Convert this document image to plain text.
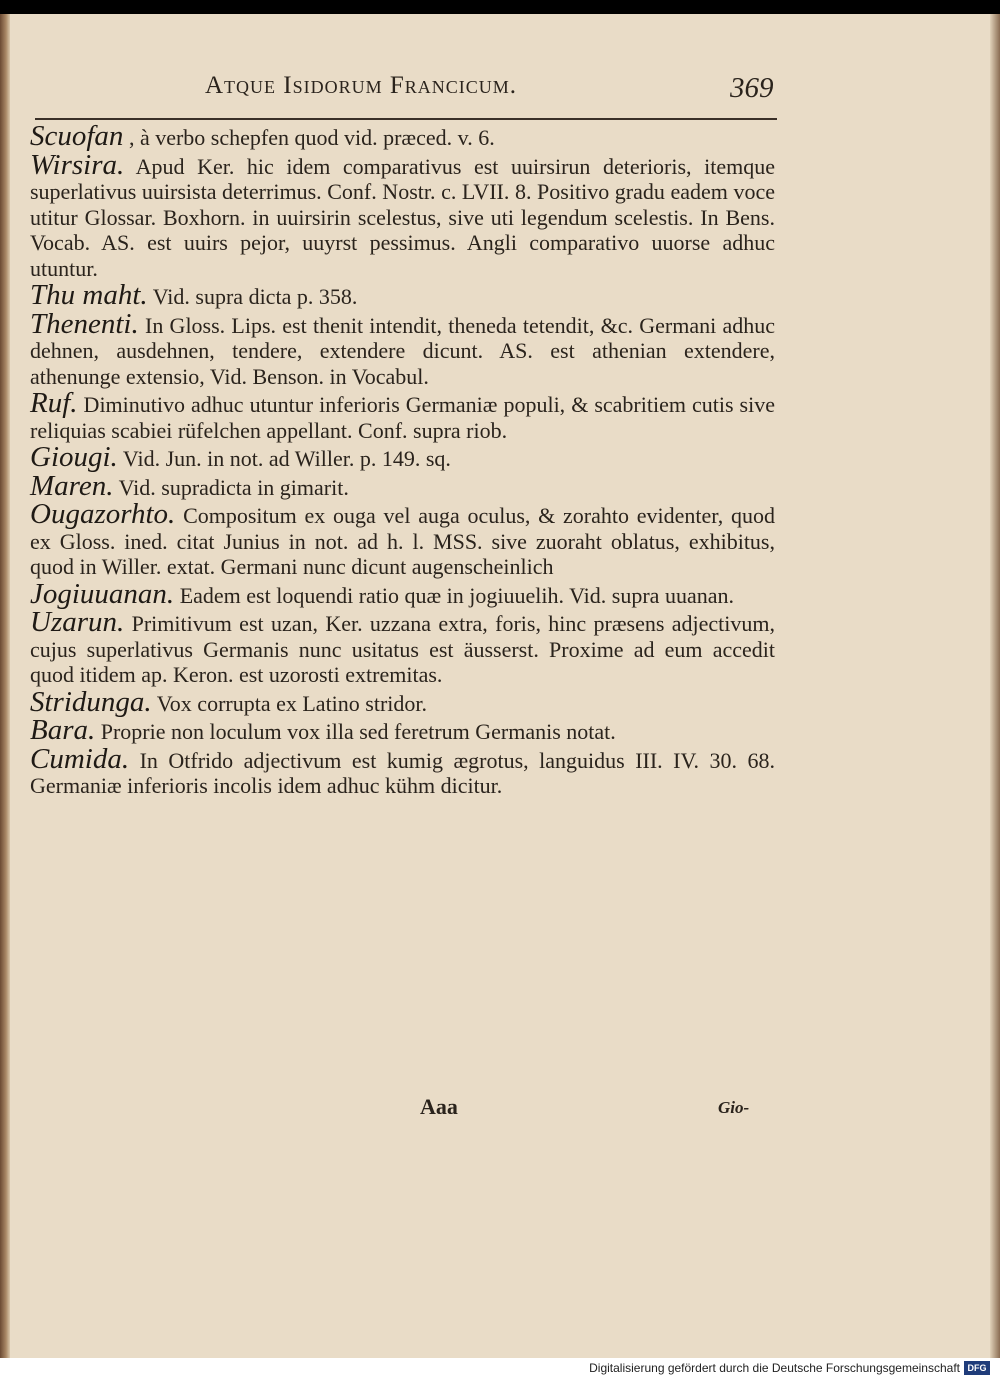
Atque Isidorum Francicum.	369

Scuofan , à verbo schepfen quod vid. præced. v. 6.

Wirsira. Apud Ker. hic idem comparativus est uuirsirun deterioris, itemque superlativus uuirsista deterrimus. Conf. Nostr. c. LVII. 8. Positivo gradu eadem voce utitur Glossar. Boxhorn. in uuirsirin scelestus, sive uti legendum scelestis. In Bens. Vocab. AS. est uuirs pejor, uuyrst pessimus. Angli comparativo uuorse adhuc utuntur.

Thu maht. Vid. supra dicta p. 358.

Thenenti. In Gloss. Lips. est thenit intendit, theneda tetendit, &c. Germani adhuc dehnen, ausdehnen, tendere, extendere dicunt. AS. est athenian extendere, athenunge extensio, Vid. Benson. in Vocabul.

Ruf. Diminutivo adhuc utuntur inferioris Germaniæ populi, & scabritiem cutis sive reliquias scabiei rüfelchen appellant. Conf. supra riob.

Giougi. Vid. Jun. in not. ad Willer. p. 149. sq.

Maren. Vid. supradicta in gimarit.

Ougazorhto. Compositum ex ouga vel auga oculus, & zorahto evidenter, quod ex Gloss. ined. citat Junius in not. ad h. l. MSS. sive zuoraht oblatus, exhibitus, quod in Willer. extat. Germani nunc dicunt augenscheinlich

Jogiuuanan. Eadem est loquendi ratio quæ in jogiuuelih. Vid. supra uuanan.

Uzarun. Primitivum est uzan, Ker. uzzana extra, foris, hinc præsens adjectivum, cujus superlativus Germanis nunc usitatus est äusserst. Proxime ad eum accedit quod itidem ap. Keron. est uzorosti extremitas.

Stridunga. Vox corrupta ex Latino stridor.

Bara. Proprie non loculum vox illa sed feretrum Germanis notat.

Cumida. In Otfrido adjectivum est kumig ægrotus, languidus III. IV. 30. 68. Germaniæ inferioris incolis idem adhuc kühm dicitur.

Aaa	Gio-
Digitalisierung gefördert durch die Deutsche Forschungsgemeinschaft DFG
